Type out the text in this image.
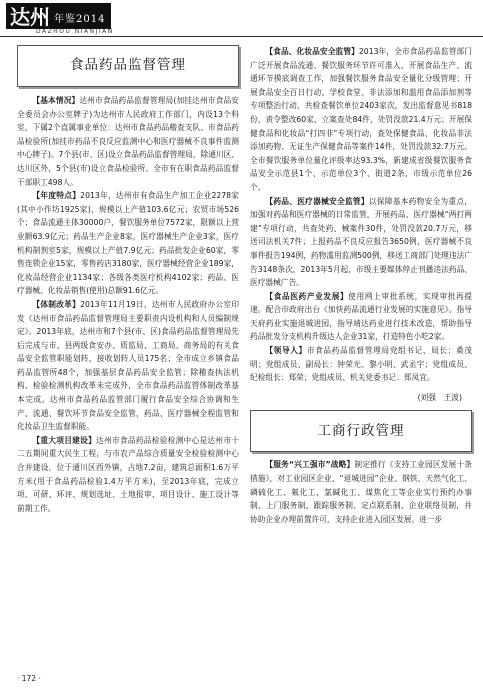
达州 年鉴2014
DAZHOU NIANJIAN
食品药品监督管理

【基本情况】达州市食品药品监督管理局(加挂达州市食品安全委员会办公室牌子)为达州市人民政府工作部门，内设13个科室，下属2个直属事业单位：达州市食品药品稽查支队、市食品药品检验所(加挂市药品不良反应监测中心和医疗器械不良事件监测中心牌子)。7个县(市、区)设立食品药品监督管理局，除通川区、达川区外，5个县(市)设立食品检验所。全市有在职食品药品监督干部职工498人。

【年度特点】2013年，达州市有食品生产加工企业2278家(其中小作坊1925家)，规模以上产值103.6亿元；农贸市场526个；食品流通主体30000户，餐饮服务单位7572家，限额以上营业额63.9亿元；药品生产企业8家，医疗器械生产企业3家，医疗机构制剂室5家，规模以上产值7.9亿元；药品批发企业60家，零售连锁企业15家，零售药店3180家，医疗器械经营企业189家，化妆品经营企业1134家；各级各类医疗机构4102家；药品、医疗器械、化妆品销售(使用)总额91.6亿元。

【体制改革】2013年11月19日，达州市人民政府办公室印发《达州市食品药品监督管理局主要职责内设机构和人员编制规定》。2013年底，达州市和7个县(市、区)食品药品监督管理局先后完成与市、县两级食安办、质监局、工商局、商务局的有关食品安全监管职能划转，接收划转人员175名；全市成立乡镇食品药品监管所48个，加强基层食品药品安全监管；除稽查执法机构、检验检测机构改革未完成外，全市食品药品监管体制改革基本完成。达州市食品药品监管部门履行食品安全综合协调和生产、流通、餐饮环节食品安全监管，药品、医疗器械全程监管和化妆品卫生监督职能。

【重大项目建设】达州市食品药品检验检测中心是达州市十二五期间重大民生工程，与市农产品综合质量安全检验检测中心合并建设，位于通川区西外镇，占地7.2亩，建筑总面积1.6万平方米(用于食品药品检验1.4万平方米)，至2013年底，完成立项、可研、环评、规划选址、土地报审、项目设计、施工设计等前期工作。

【食品、化妆品安全监管】2013年，全市食品药品监管部门广泛开展食品流通、餐饮服务环节许可准入、开展食品生产、流通环节摸底调查工作，加强餐饮服务食品安全量化分级管理；开展食品安全百日行动、学校食堂、非法添加和滥用食品添加剂等专项整治行动，共检查餐饮单位2403家次，发出监督意见书818份，责令整改60家，立案查处84件，处罚没款21.4万元；开展保健食品和化妆品“打四非”专项行动，查处保健食品、化妆品非法添加药物、无证生产保健食品等案件14件，处罚没款32.7万元。全市餐饮服务单位量化评级率达93.3%，新建成省级餐饮服务食品安全示范县1个、示范单位3个、街道2条，市级示范单位26个。

【药品、医疗器械安全监管】以保障基本药物安全为重点，加强对药品和医疗器械的日常监管，开展药品、医疗器械“两打两建”专项行动，共查处药、械案件30件，处罚没款20.7万元，移送司法机关7件；上报药品不良反应报告3650例，医疗器械不良事件报告194例，药物滥用监测500例，移送工商部门处理违法广告3148条次，2013年5月起，市级主要媒体停止刊播违法药品、医疗器械广告。

【食品医药产业发展】使用网上审批系统，实现审批再提速。配合市政府出台《加快药品流通行业发展的实施意见》。指导天府药业实施退城进园，指导靖达药业进行技术改造，帮助指导药品批发分支机构升级达人企业31家，打造特色小吃2家。

【领导人】市食品药品监督管理局党组书记、局长：桑茂明；党组成员、副局长：钟荣光、黎小明、武丞宇；党组成员、纪检组长：郑荣；党组成员、机关党委书记：郑凤宜。

(刘强　王波)
工商行政管理

【服务“兴工强市”战略】制定推行《支持工业园区发展十条措施》，对工业园区企业、“退城进园”企业、钢铁、天然气化工、磷硫化工、氟化工、氯碱化工、煤焦化工等企业实行预约办事制、上门服务制、跟踪服务制、定点联系制、企业联络员制，并协助企业办理前置许可，支持企业进入园区发展。进一步

· 172 ·
